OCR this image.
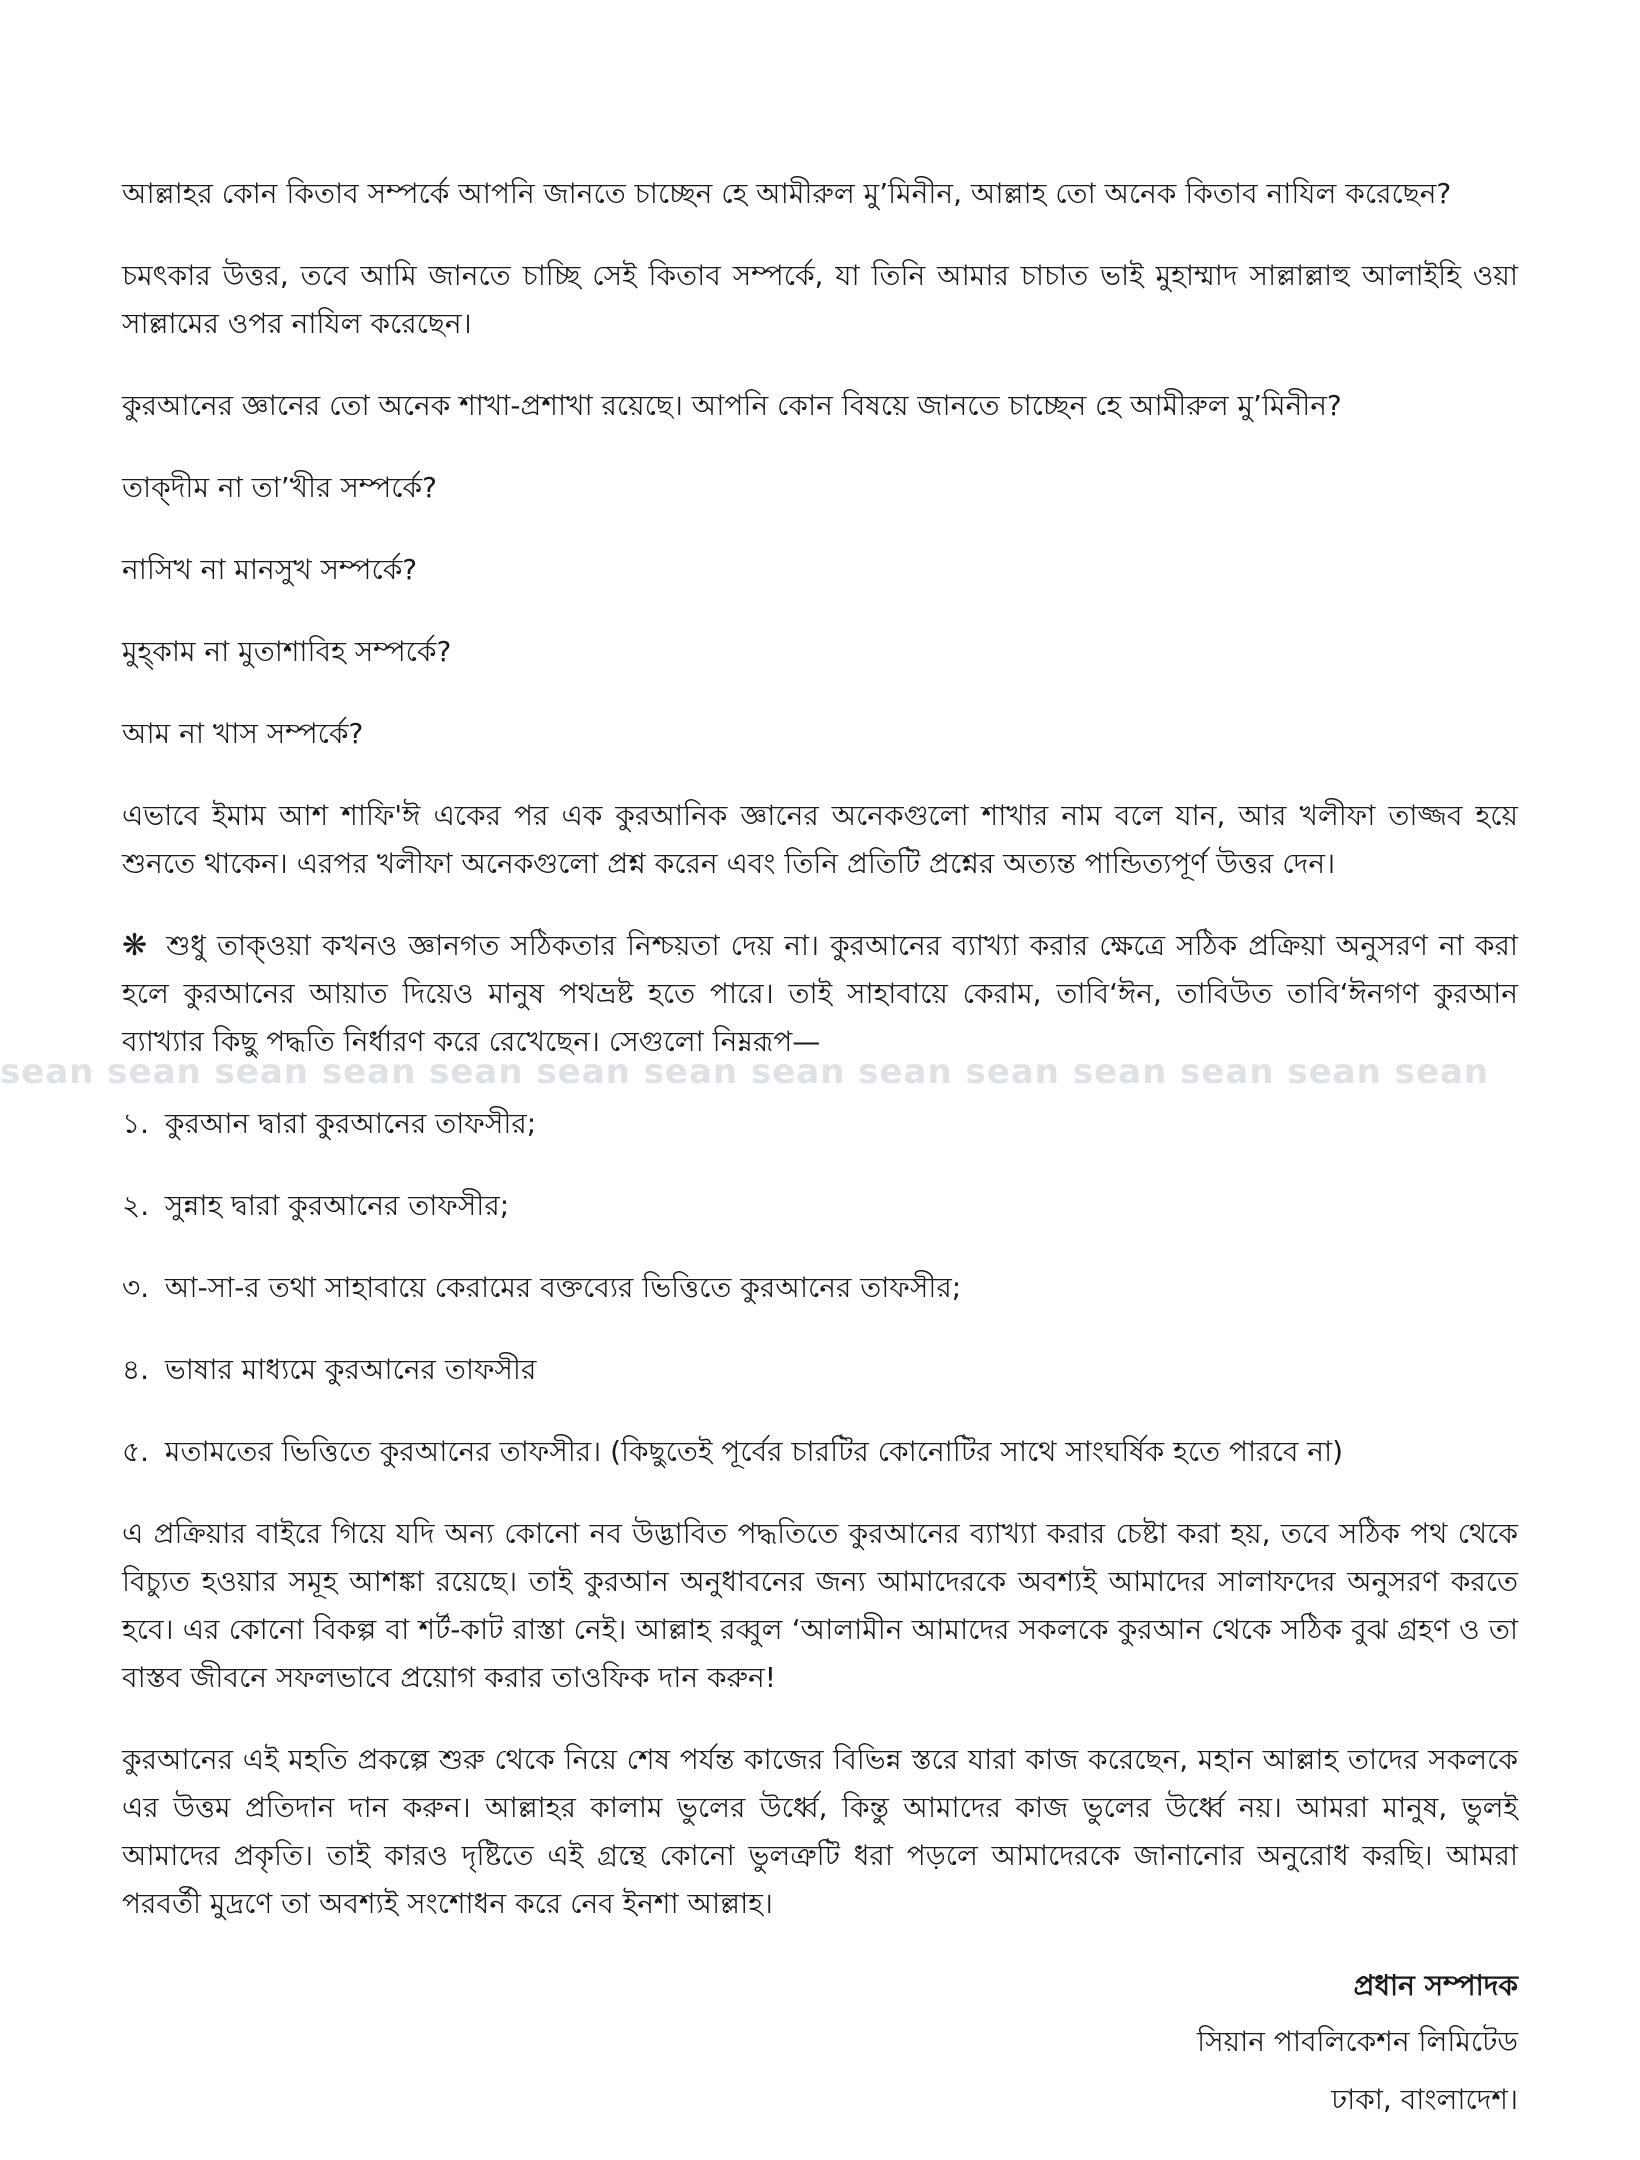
sean sean sean sean sean sean sean sean sean sean sean sean sean sean

আল্লাহর কোন কিতাব সম্পর্কে আপনি জানতে চাচ্ছেন হে আমীরুল মু’মিনীন, আল্লাহ তো অনেক কিতাব নাযিল করেছেন?

চমৎকার উত্তর, তবে আমি জানতে চাচ্ছি সেই কিতাব সম্পর্কে, যা তিনি আমার চাচাত ভাই মুহাম্মাদ সাল্লাল্লাহু আলাইহি ওয়া সাল্লামের ওপর নাযিল করেছেন।

কুরআনের জ্ঞানের তো অনেক শাখা-প্রশাখা রয়েছে। আপনি কোন বিষয়ে জানতে চাচ্ছেন হে আমীরুল মু’মিনীন?

তাক্দীম না তা’খীর সম্পর্কে?

নাসিখ না মানসুখ সম্পর্কে?

মুহ্কাম না মুতাশাবিহ সম্পর্কে?

আম না খাস সম্পর্কে?

এভাবে ইমাম আশ শাফি'ঈ একের পর এক কুরআনিক জ্ঞানের অনেকগুলো শাখার নাম বলে যান, আর খলীফা তাজ্জব হয়ে শুনতে থাকেন। এরপর খলীফা অনেকগুলো প্রশ্ন করেন এবং তিনি প্রতিটি প্রশ্নের অত্যন্ত পান্ডিত্যপূর্ণ উত্তর দেন।

❋ শুধু তাক্ওয়া কখনও জ্ঞানগত সঠিকতার নিশ্চয়তা দেয় না। কুরআনের ব্যাখ্যা করার ক্ষেত্রে সঠিক প্রক্রিয়া অনুসরণ না করা হলে কুরআনের আয়াত দিয়েও মানুষ পথভ্রষ্ট হতে পারে। তাই সাহাবায়ে কেরাম, তাবি‘ঈন, তাবিউত তাবি‘ঈনগণ কুরআন ব্যাখ্যার কিছু পদ্ধতি নির্ধারণ করে রেখেছেন। সেগুলো নিম্নরূপ—

১. কুরআন দ্বারা কুরআনের তাফসীর;
২. সুন্নাহ দ্বারা কুরআনের তাফসীর;
৩. আ-সা-র তথা সাহাবায়ে কেরামের বক্তব্যের ভিত্তিতে কুরআনের তাফসীর;
৪. ভাষার মাধ্যমে কুরআনের তাফসীর
৫. মতামতের ভিত্তিতে কুরআনের তাফসীর। (কিছুতেই পূর্বের চারটির কোনোটির সাথে সাংঘর্ষিক হতে পারবে না)

এ প্রক্রিয়ার বাইরে গিয়ে যদি অন্য কোনো নব উদ্ভাবিত পদ্ধতিতে কুরআনের ব্যাখ্যা করার চেষ্টা করা হয়, তবে সঠিক পথ থেকে বিচ্যুত হওয়ার সমূহ আশঙ্কা রয়েছে। তাই কুরআন অনুধাবনের জন্য আমাদেরকে অবশ্যই আমাদের সালাফদের অনুসরণ করতে হবে। এর কোনো বিকল্প বা শর্ট-কাট রাস্তা নেই। আল্লাহ রব্বুল ‘আলামীন আমাদের সকলকে কুরআন থেকে সঠিক বুঝ গ্রহণ ও তা বাস্তব জীবনে সফলভাবে প্রয়োগ করার তাওফিক দান করুন!

কুরআনের এই মহতি প্রকল্পে শুরু থেকে নিয়ে শেষ পর্যন্ত কাজের বিভিন্ন স্তরে যারা কাজ করেছেন, মহান আল্লাহ তাদের সকলকে এর উত্তম প্রতিদান দান করুন। আল্লাহর কালাম ভুলের উর্ধ্বে, কিন্তু আমাদের কাজ ভুলের উর্ধ্বে নয়। আমরা মানুষ, ভুলই আমাদের প্রকৃতি। তাই কারও দৃষ্টিতে এই গ্রন্থে কোনো ভুলত্রুটি ধরা পড়লে আমাদেরকে জানানোর অনুরোধ করছি। আমরা পরবর্তী মুদ্রণে তা অবশ্যই সংশোধন করে নেব ইনশা আল্লাহ।

প্রধান সম্পাদক
সিয়ান পাবলিকেশন লিমিটেড
ঢাকা, বাংলাদেশ।
